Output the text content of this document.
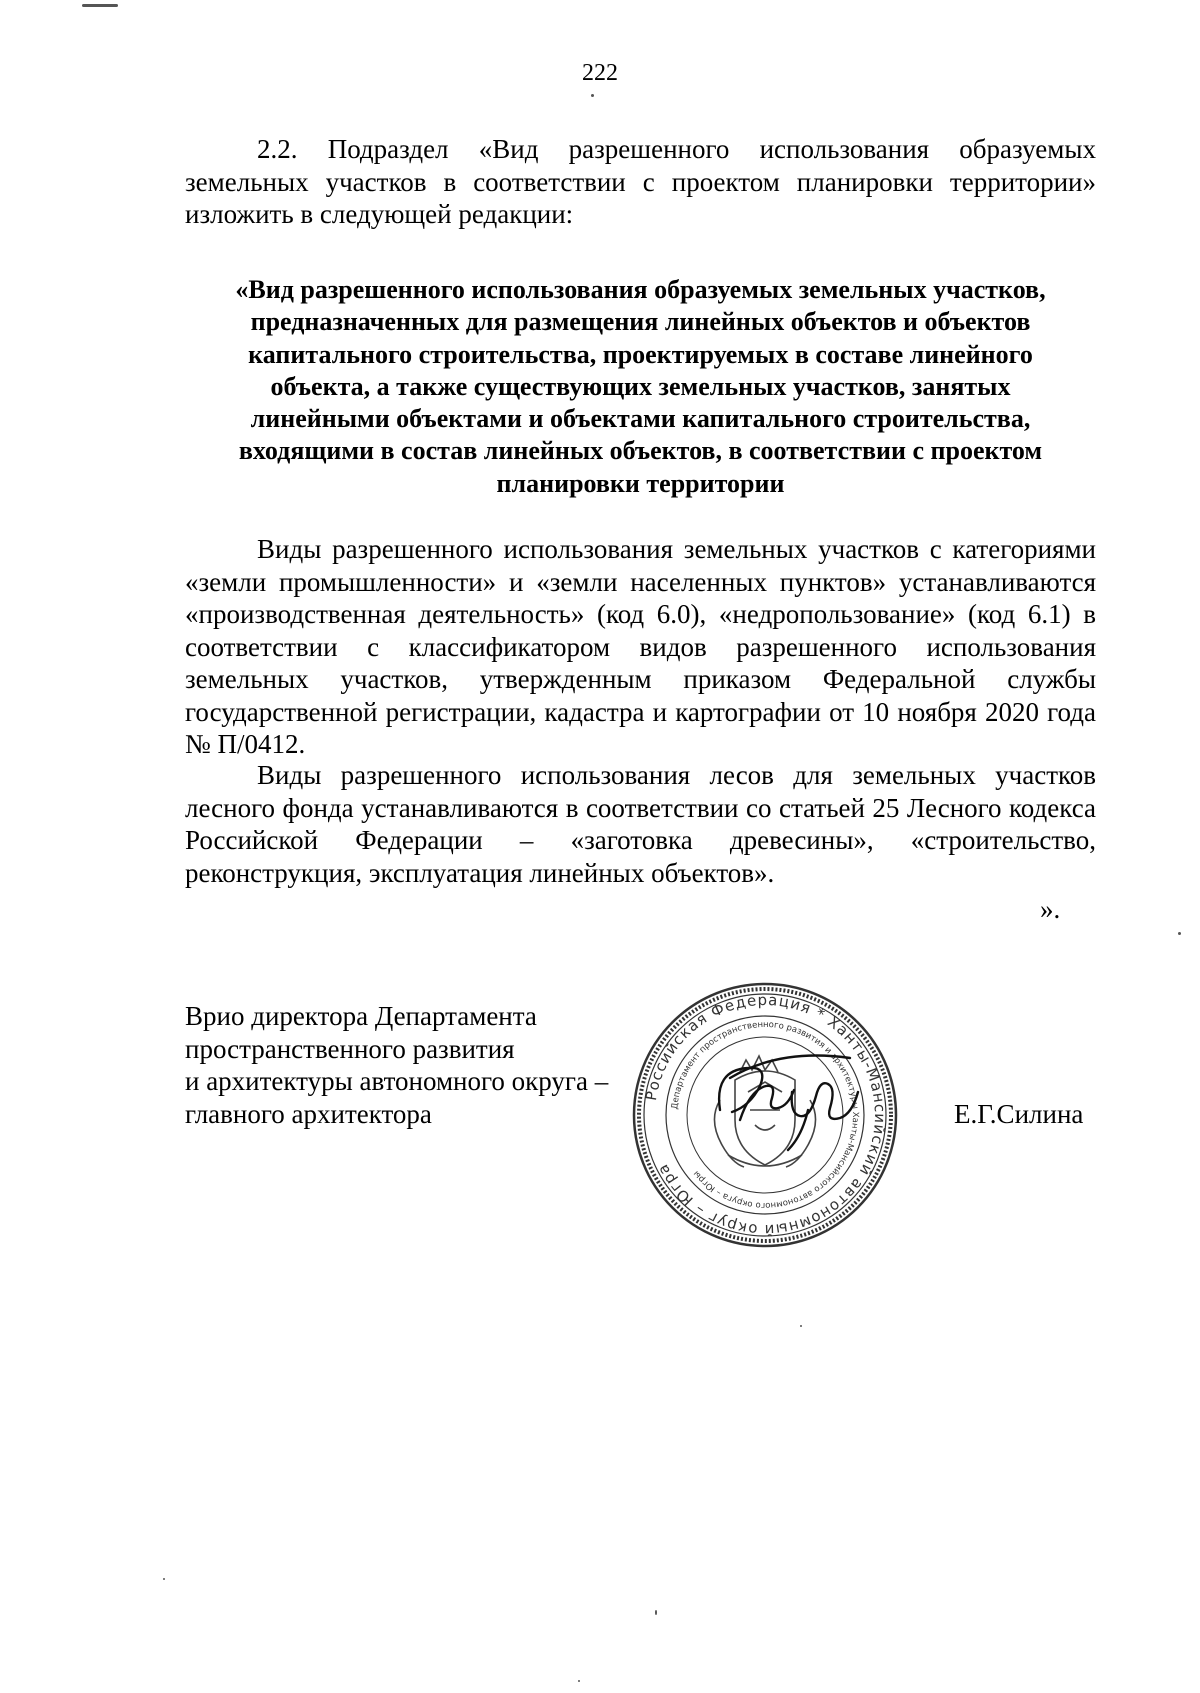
222

2.2. Подраздел «Вид разрешенного использования образуемых земельных участков в соответствии с проектом планировки территории» изложить в следующей редакции:

«Вид разрешенного использования образуемых земельных участков,
предназначенных для размещения линейных объектов и объектов
капитального строительства, проектируемых в составе линейного
объекта, а также существующих земельных участков, занятых
линейными объектами и объектами капитального строительства,
входящими в состав линейных объектов, в соответствии с проектом
планировки территории

Виды разрешенного использования земельных участков с категориями «земли промышленности» и «земли населенных пунктов» устанавливаются «производственная деятельность» (код 6.0), «недропользование» (код 6.1) в соответствии с классификатором видов разрешенного использования земельных участков, утвержденным приказом Федеральной службы государственной регистрации, кадастра и картографии от 10 ноября 2020 года № П/0412.

Виды разрешенного использования лесов для земельных участков лесного фонда устанавливаются в соответствии со статьей 25 Лесного кодекса Российской Федерации – «заготовка древесины», «строительство, реконструкция, эксплуатация линейных объектов».

».
Врио директора Департамента
пространственного развития
и архитектуры автономного округа –
главного архитектора
Российская Федерация * Ханты-Мансийский автономный округ – Югра
Департамент пространственного развития и архитектуры Ханты-Мансийского автономного округа – Югры
Е.Г.Силина
